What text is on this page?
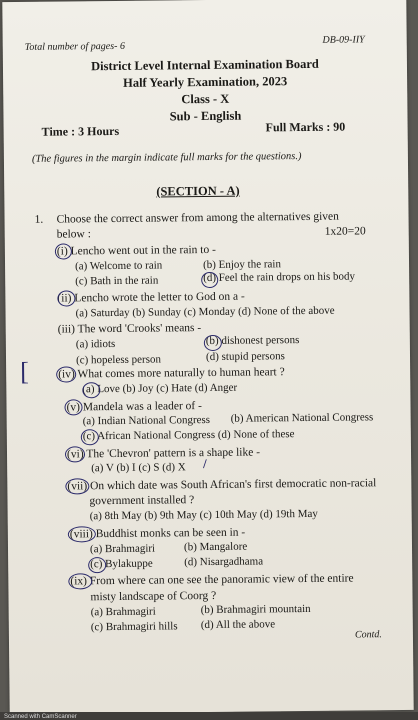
Total number of pages- 6
DB-09-IIY
District Level Internal Examination Board
Half Yearly Examination, 2023
Class - X
Sub - English
Time : 3 Hours	Full Marks : 90
(The figures in the margin indicate full marks for the questions.)
(SECTION - A)
1. Choose the correct answer from among the alternatives given
below :	1x20=20
(i) Lencho went out in the rain to -
(a) Welcome to rain	(b) Enjoy the rain
(c) Bath in the rain	(d) Feel the rain drops on his body
(ii) Lencho wrote the letter to God on a -
(a) Saturday (b) Sunday (c) Monday (d) None of the above
(iii) The word 'Crooks' means -
(a) idiots	(b) dishonest persons
(c) hopeless person	(d) stupid persons
[	(iv) What comes more naturally to human heart ?
(a) Love (b) Joy (c) Hate (d) Anger
(v) Mandela was a leader of -
(a) Indian National Congress (b) American National Congress
(c) African National Congress (d) None of these
(vi) The 'Chevron' pattern is a shape like -
(a) V (b) I (c) S (d) X /
(vii) On which date was South African's first democratic non-racial
government installed ?
(a) 8th May (b) 9th May (c) 10th May (d) 19th May
(viii) Buddhist monks can be seen in -
(a) Brahmagiri	(b) Mangalore
(c) Bylakuppe	(d) Nisargadhama
(ix) From where can one see the panoramic view of the entire
misty landscape of Coorg ?
(a) Brahmagiri	(b) Brahmagiri mountain
(c) Brahmagiri hills (d) All the above
Contd.
Scanned with CamScanner
